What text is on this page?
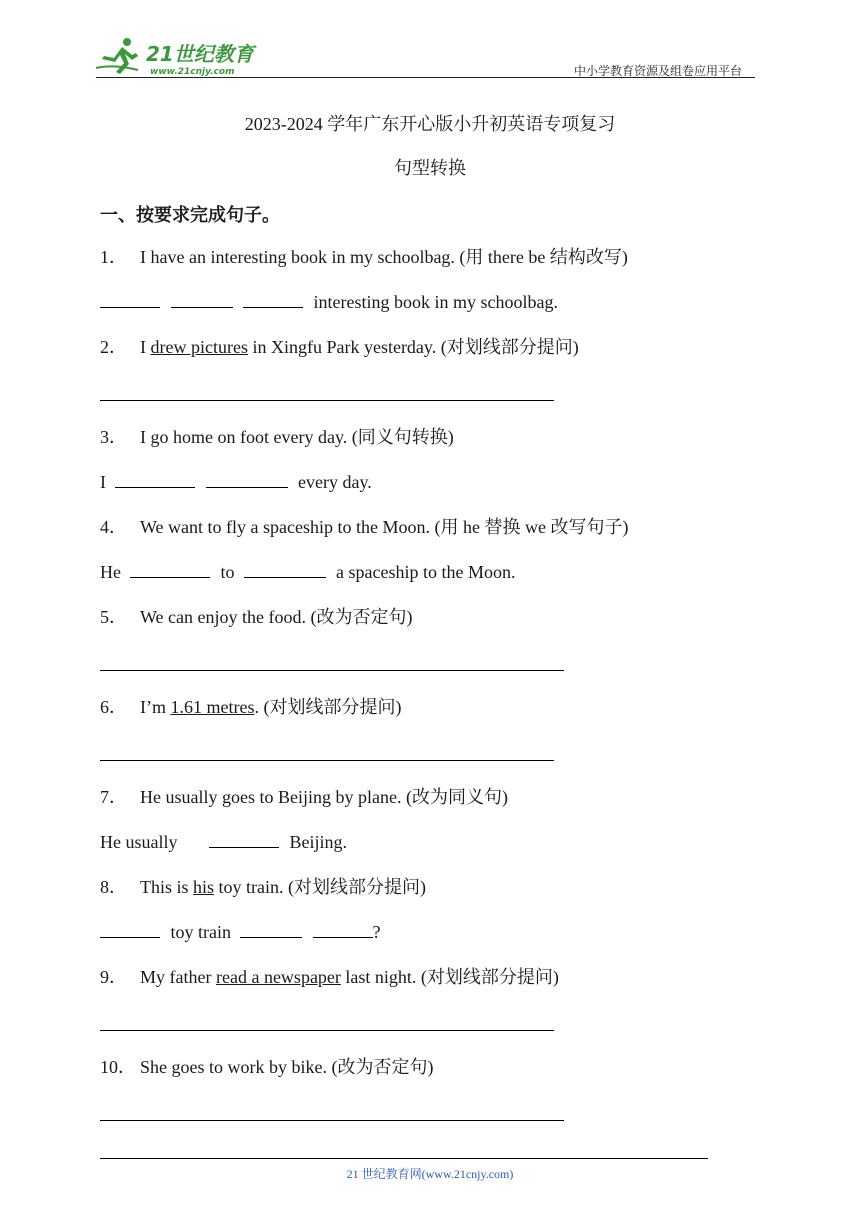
21世纪教育
www.21cnjy.com	中小学教育资源及组卷应用平台
2023-2024 学年广东开心版小升初英语专项复习
句型转换
一、按要求完成句子。
1． I have an interesting book in my schoolbag. (用 there be 结构改写)
interesting book in my schoolbag.
2． I drew pictures in Xingfu Park yesterday. (对划线部分提问)
3． I go home on foot every day. (同义句转换)
I	every day.
4． We want to fly a spaceship to the Moon. (用 he 替换 we 改写句子)
He	to	a spaceship to the Moon.
5． We can enjoy the food. (改为否定句)
6． I’m 1.61 metres. (对划线部分提问)
7． He usually goes to Beijing by plane. (改为同义句)
He usually	Beijing.
8． This is his toy train. (对划线部分提问)
toy train	?
9． My father read a newspaper last night. (对划线部分提问)
10． She goes to work by bike. (改为否定句)
21 世纪教育网(www.21cnjy.com)
